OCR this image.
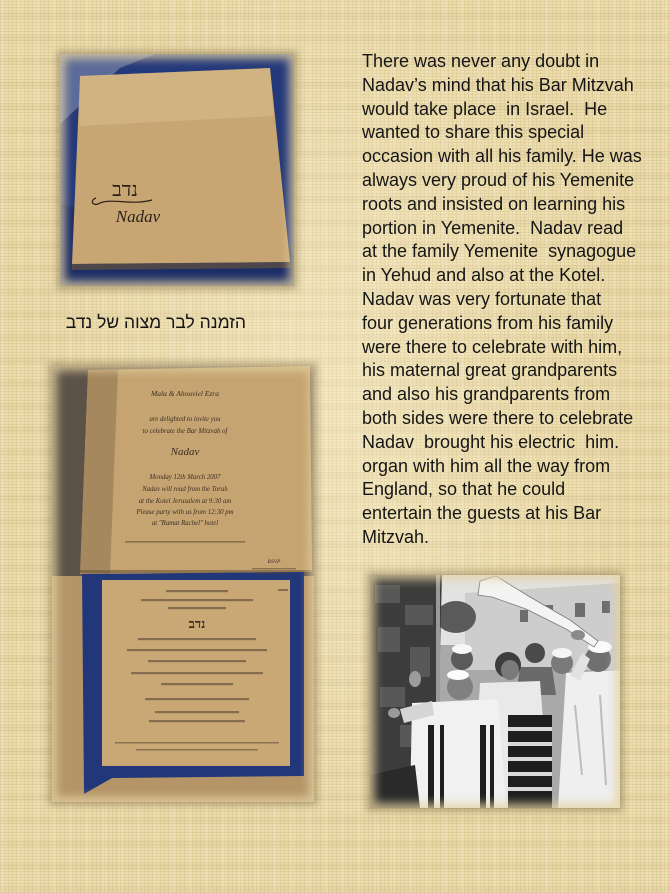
נדב
Nadav
הזמנה לבר מצוה של נדב
Mala & Ahouviel Ezra
are delighted to invite you
to celebrate the Bar Mitzvah of
Nadav
Monday 12th March 2007
Nadav will read from the Torah
at the Kotel Jerusalem at 9:30 am
Please party with us from 12:30 pm
at "Ramat Rachel" hotel
RSVP
נדב
There was never any doubt in
Nadav’s mind that his Bar Mitzvah
would take place  in Israel.  He
wanted to share this special
occasion with all his family. He was
always very proud of his Yemenite
roots and insisted on learning his
portion in Yemenite.  Nadav read
at the family Yemenite  synagogue
in Yehud and also at the Kotel.
Nadav was very fortunate that
four generations from his family
were there to celebrate with him,
his maternal great grandparents
and also his grandparents from
both sides were there to celebrate
Nadav  brought his electric  him.
organ with him all the way from
England, so that he could
entertain the guests at his Bar
Mitzvah.
